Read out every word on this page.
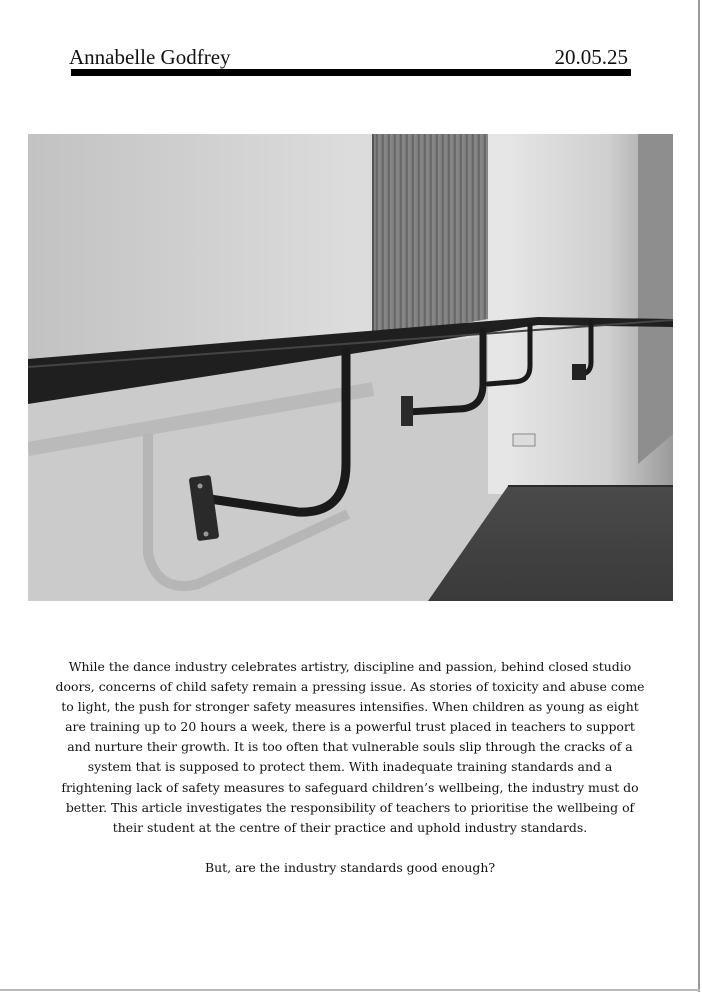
Annabelle Godfrey	20.05.25

While the dance industry celebrates artistry, discipline and passion, behind closed studio doors, concerns of child safety remain a pressing issue. As stories of toxicity and abuse come to light, the push for stronger safety measures intensifies. When children as young as eight are training up to 20 hours a week, there is a powerful trust placed in teachers to support and nurture their growth. It is too often that vulnerable souls slip through the cracks of a system that is supposed to protect them. With inadequate training standards and a frightening lack of safety measures to safeguard children’s wellbeing, the industry must do better. This article investigates the responsibility of teachers to prioritise the wellbeing of their student at the centre of their practice and uphold industry standards.

But, are the industry standards good enough?
